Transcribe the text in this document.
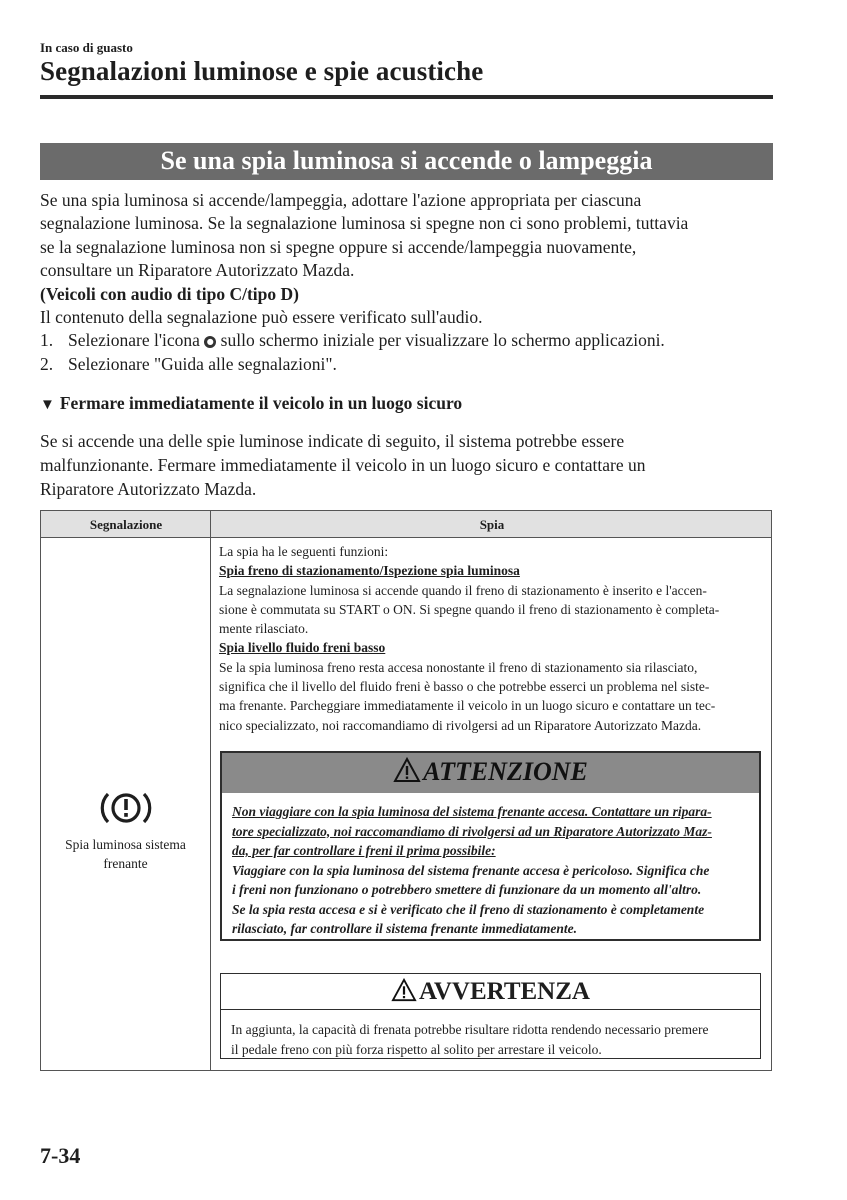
In caso di guasto
Segnalazioni luminose e spie acustiche
Se una spia luminosa si accende o lampeggia

Se una spia luminosa si accende/lampeggia, adottare l'azione appropriata per ciascuna

segnalazione luminosa. Se la segnalazione luminosa si spegne non ci sono problemi, tuttavia

se la segnalazione luminosa non si spegne oppure si accende/lampeggia nuovamente,

consultare un Riparatore Autorizzato Mazda.

(Veicoli con audio di tipo C/tipo D)

Il contenuto della segnalazione può essere verificato sull'audio.

1. Selezionare l'icona ● sullo schermo iniziale per visualizzare lo schermo applicazioni.
2. Selezionare "Guida alle segnalazioni".
▼ Fermare immediatamente il veicolo in un luogo sicuro

Se si accende una delle spie luminose indicate di seguito, il sistema potrebbe essere

malfunzionante. Fermare immediatamente il veicolo in un luogo sicuro e contattare un

Riparatore Autorizzato Mazda.

Segnalazione	Spia
Spia luminosa sistema frenante

La spia ha le seguenti funzioni:

Spia freno di stazionamento/Ispezione spia luminosa

La segnalazione luminosa si accende quando il freno di stazionamento è inserito e l'accen-

sione è commutata su START o ON. Si spegne quando il freno di stazionamento è completa-

mente rilasciato.

Spia livello fluido freni basso

Se la spia luminosa freno resta accesa nonostante il freno di stazionamento sia rilasciato,

significa che il livello del fluido freni è basso o che potrebbe esserci un problema nel siste-

ma frenante. Parcheggiare immediatamente il veicolo in un luogo sicuro e contattare un tec-

nico specializzato, noi raccomandiamo di rivolgersi ad un Riparatore Autorizzato Mazda.

ATTENZIONE

Non viaggiare con la spia luminosa del sistema frenante accesa. Contattare un ripara-

tore specializzato, noi raccomandiamo di rivolgersi ad un Riparatore Autorizzato Maz-

da, per far controllare i freni il prima possibile:

Viaggiare con la spia luminosa del sistema frenante accesa è pericoloso. Significa che

i freni non funzionano o potrebbero smettere di funzionare da un momento all'altro.

Se la spia resta accesa e si è verificato che il freno di stazionamento è completamente

rilasciato, far controllare il sistema frenante immediatamente.

AVVERTENZA

In aggiunta, la capacità di frenata potrebbe risultare ridotta rendendo necessario premere

il pedale freno con più forza rispetto al solito per arrestare il veicolo.

7-34
